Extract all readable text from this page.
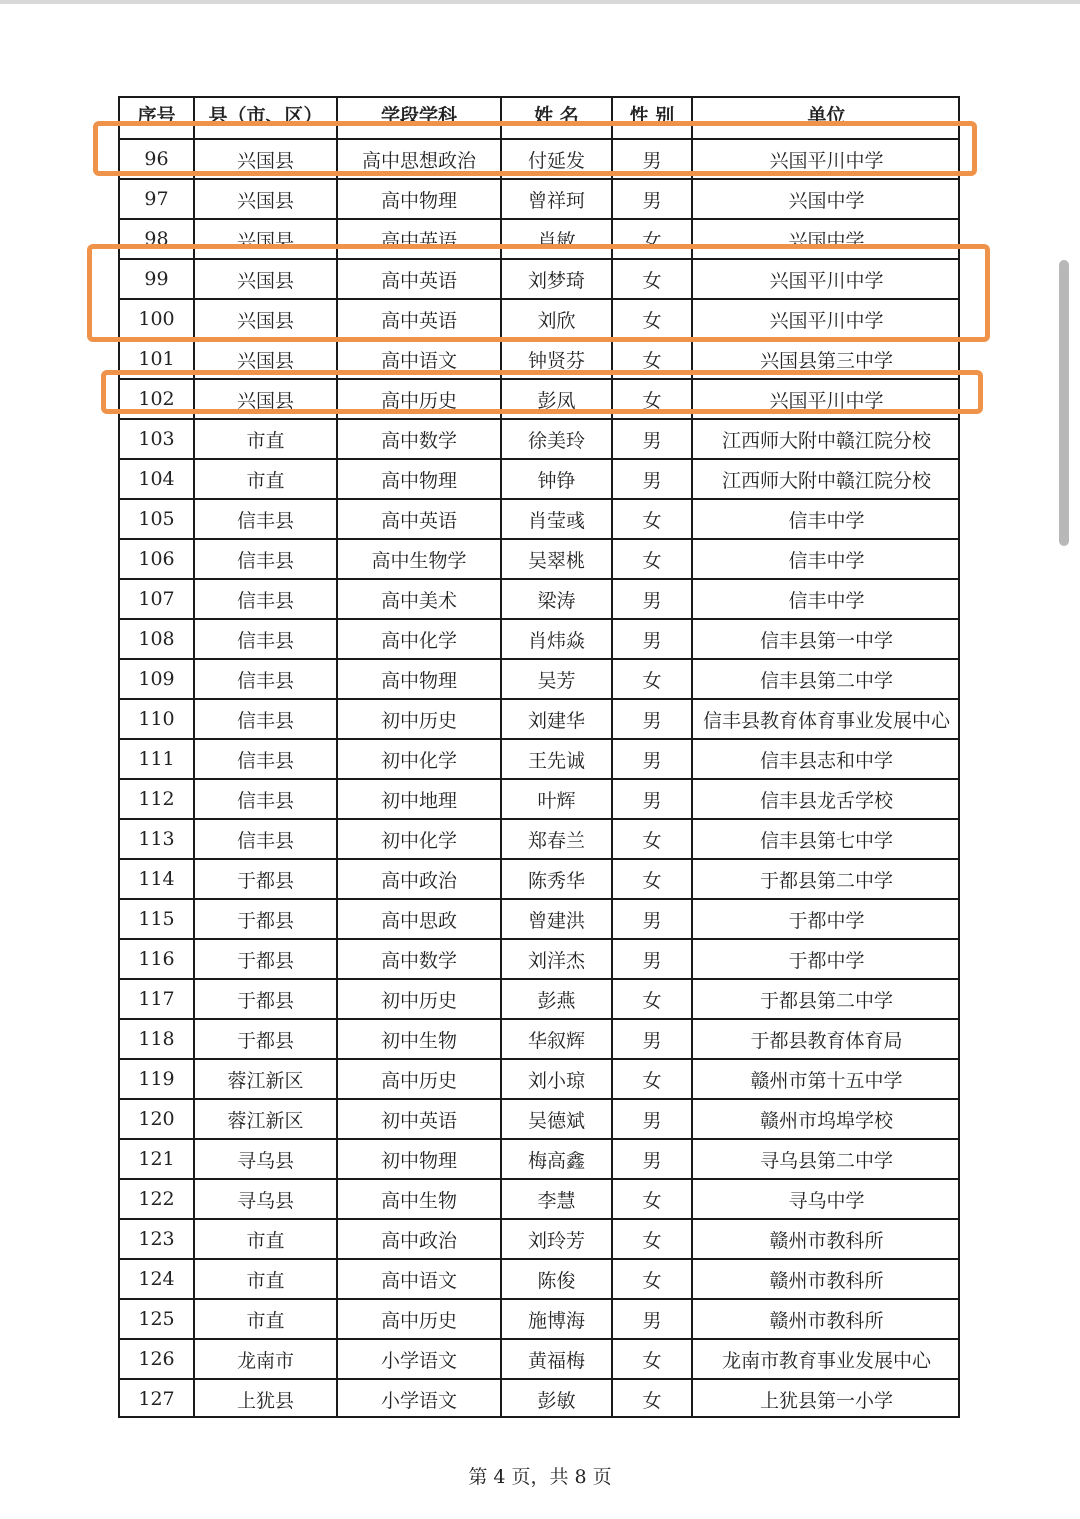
序号	县（市、区）	学段学科	姓 名	性 别	单位
96	兴国县	高中思想政治	付延发	男	兴国平川中学
97	兴国县	高中物理	曾祥珂	男	兴国中学
98	兴国县	高中英语	肖敏	女	兴国中学
99	兴国县	高中英语	刘梦琦	女	兴国平川中学
100	兴国县	高中英语	刘欣	女	兴国平川中学
101	兴国县	高中语文	钟贤芬	女	兴国县第三中学
102	兴国县	高中历史	彭凤	女	兴国平川中学
103	市直	高中数学	徐美玲	男	江西师大附中赣江院分校
104	市直	高中物理	钟铮	男	江西师大附中赣江院分校
105	信丰县	高中英语	肖莹彧	女	信丰中学
106	信丰县	高中生物学	吴翠桃	女	信丰中学
107	信丰县	高中美术	梁涛	男	信丰中学
108	信丰县	高中化学	肖炜焱	男	信丰县第一中学
109	信丰县	高中物理	吴芳	女	信丰县第二中学
110	信丰县	初中历史	刘建华	男	信丰县教育体育事业发展中心
111	信丰县	初中化学	王先诚	男	信丰县志和中学
112	信丰县	初中地理	叶辉	男	信丰县龙舌学校
113	信丰县	初中化学	郑春兰	女	信丰县第七中学
114	于都县	高中政治	陈秀华	女	于都县第二中学
115	于都县	高中思政	曾建洪	男	于都中学
116	于都县	高中数学	刘洋杰	男	于都中学
117	于都县	初中历史	彭燕	女	于都县第二中学
118	于都县	初中生物	华叙辉	男	于都县教育体育局
119	蓉江新区	高中历史	刘小琼	女	赣州市第十五中学
120	蓉江新区	初中英语	吴德斌	男	赣州市坞埠学校
121	寻乌县	初中物理	梅高鑫	男	寻乌县第二中学
122	寻乌县	高中生物	李慧	女	寻乌中学
123	市直	高中政治	刘玲芳	女	赣州市教科所
124	市直	高中语文	陈俊	女	赣州市教科所
125	市直	高中历史	施博海	男	赣州市教科所
126	龙南市	小学语文	黄福梅	女	龙南市教育事业发展中心
127	上犹县	小学语文	彭敏	女	上犹县第一小学
第 4 页，共 8 页
